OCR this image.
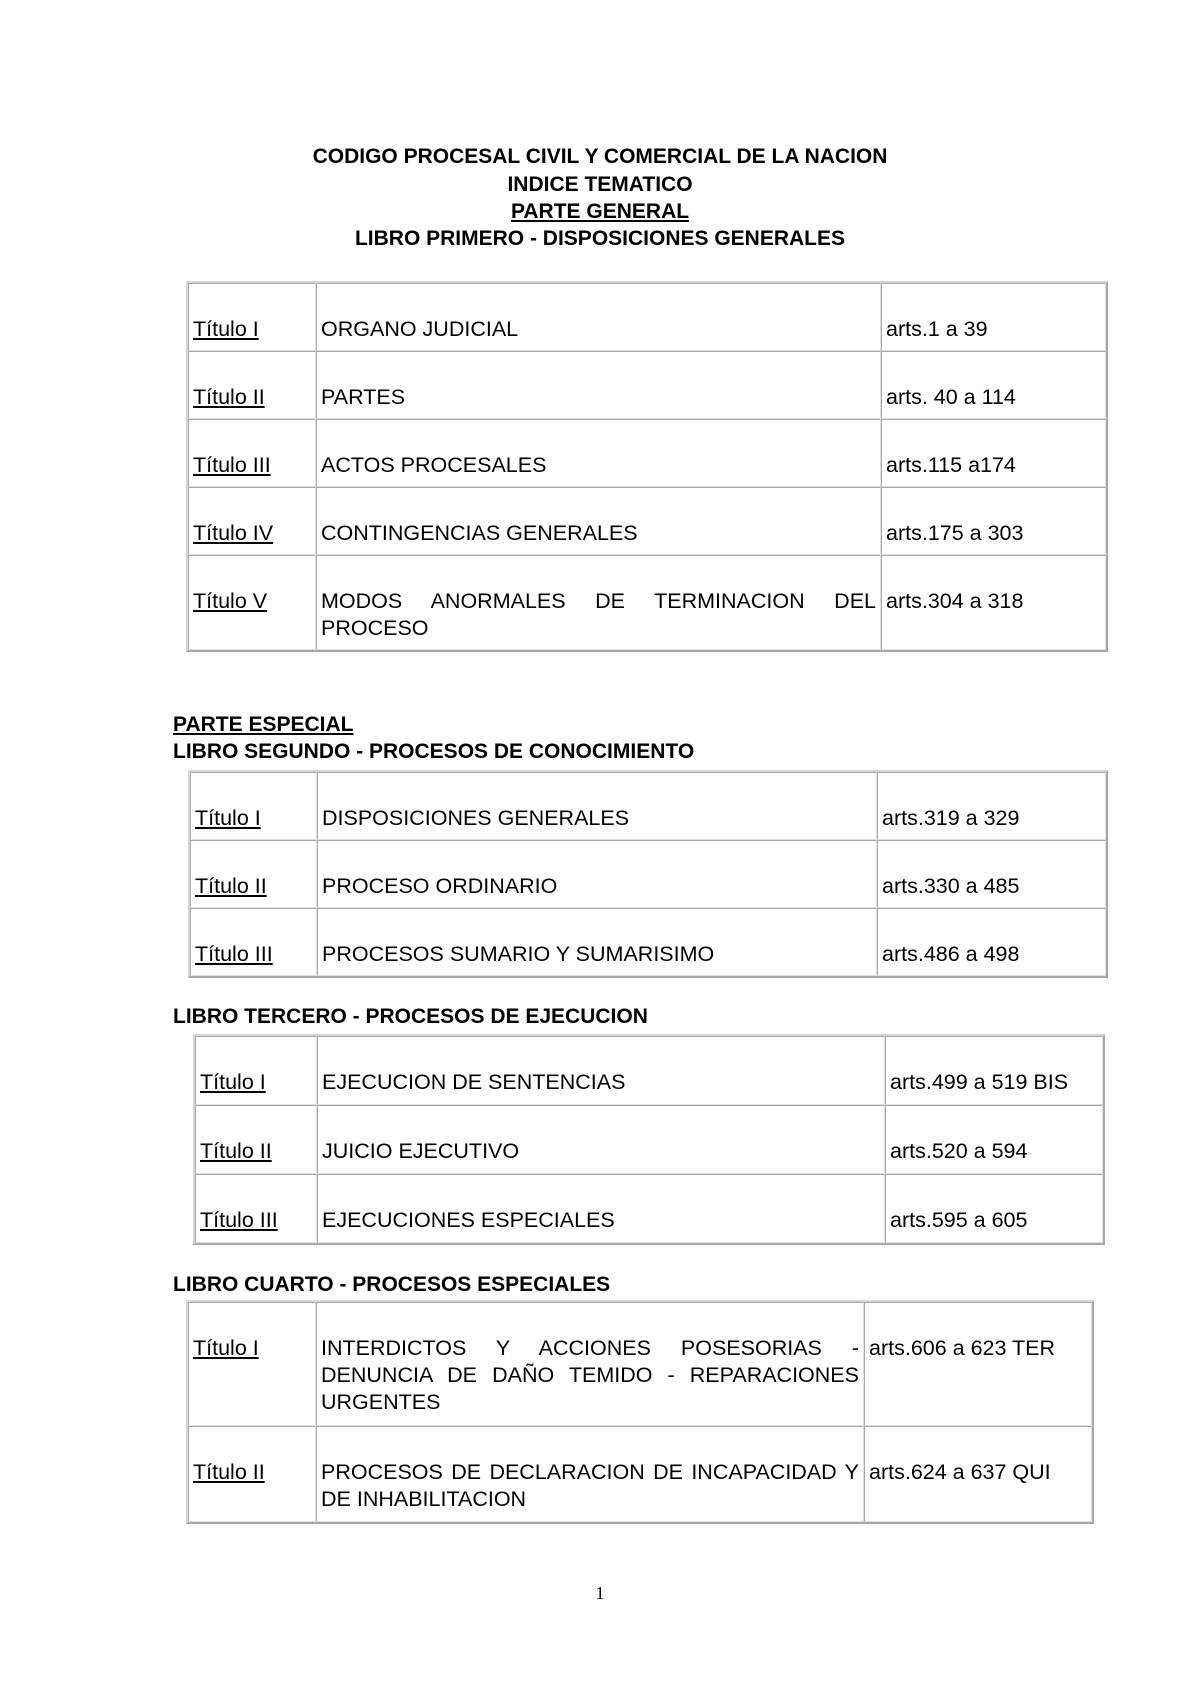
CODIGO PROCESAL CIVIL Y COMERCIAL DE LA NACION
INDICE TEMATICO
PARTE GENERAL
LIBRO PRIMERO - DISPOSICIONES GENERALES
Título I	ORGANO JUDICIAL	arts.1 a 39
Título II	PARTES	arts. 40 a 114
Título III	ACTOS PROCESALES	arts.115 a174
Título IV	CONTINGENCIAS GENERALES	arts.175 a 303
Título V	MODOS ANORMALES DE TERMINACION DEL PROCESO	arts.304 a 318
PARTE ESPECIAL
LIBRO SEGUNDO - PROCESOS DE CONOCIMIENTO
Título I	DISPOSICIONES GENERALES	arts.319 a 329
Título II	PROCESO ORDINARIO	arts.330 a 485
Título III	PROCESOS SUMARIO Y SUMARISIMO	arts.486 a 498
LIBRO TERCERO - PROCESOS DE EJECUCION
Título I	EJECUCION DE SENTENCIAS	arts.499 a 519 BIS
Título II	JUICIO EJECUTIVO	arts.520 a 594
Título III	EJECUCIONES ESPECIALES	arts.595 a 605
LIBRO CUARTO - PROCESOS ESPECIALES
Título I	INTERDICTOS Y ACCIONES POSESORIAS - DENUNCIA DE DAÑO TEMIDO - REPARACIONES URGENTES	arts.606 a 623 TER
Título II	PROCESOS DE DECLARACION DE INCAPACIDAD Y DE INHABILITACION	arts.624 a 637 QUI
1
